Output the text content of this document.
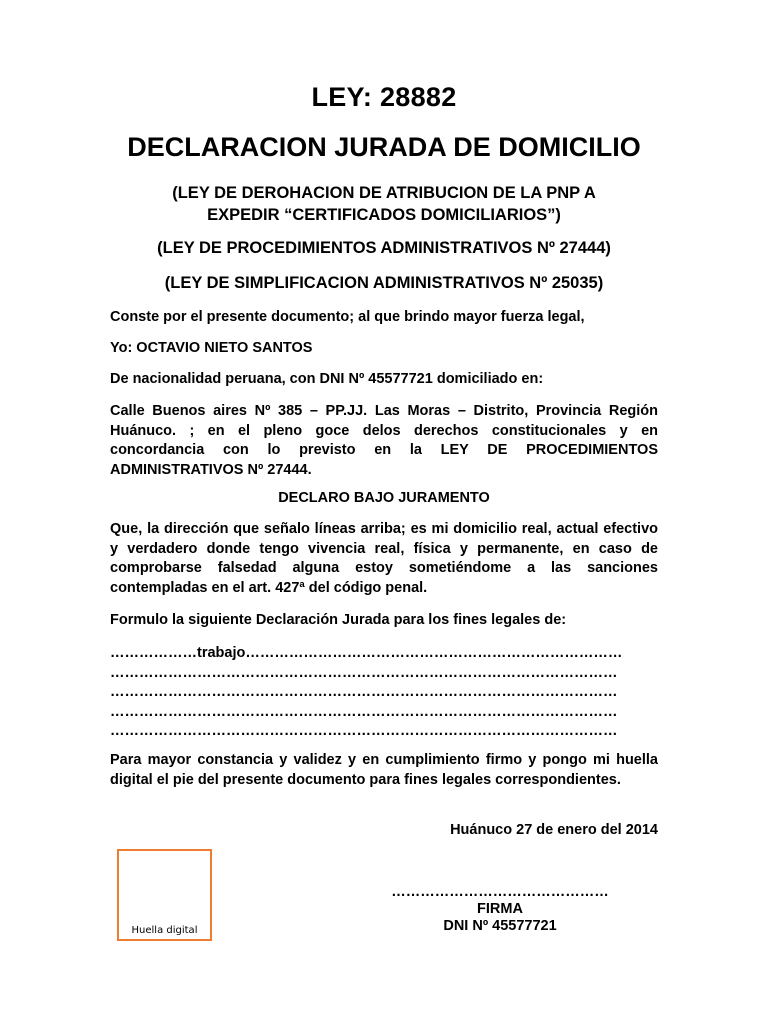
LEY: 28882
DECLARACION JURADA DE DOMICILIO
(LEY DE DEROHACION DE ATRIBUCION DE LA PNP A
EXPEDIR “CERTIFICADOS DOMICILIARIOS”)
(LEY DE PROCEDIMIENTOS ADMINISTRATIVOS Nº 27444)
(LEY DE SIMPLIFICACION ADMINISTRATIVOS Nº 25035)
Conste por el presente documento; al que brindo mayor fuerza legal,
Yo: OCTAVIO NIETO SANTOS
De nacionalidad peruana, con DNI Nº 45577721 domiciliado en:
Calle Buenos aires Nº 385 – PP.JJ. Las Moras – Distrito, Provincia Región Huánuco. ; en el pleno goce delos derechos constitucionales y en concordancia con lo previsto en la LEY DE PROCEDIMIENTOS ADMINISTRATIVOS Nº 27444.
DECLARO BAJO JURAMENTO
Que, la dirección que señalo líneas arriba; es mi domicilio real, actual efectivo y verdadero donde tengo vivencia real, física y permanente, en caso de comprobarse falsedad alguna estoy sometiéndome a las sanciones contempladas en el art. 427ª del código penal.
Formulo la siguiente Declaración Jurada para los fines legales de:
………………trabajo……………………………………………………………………
……………………………………………………………………………………………
……………………………………………………………………………………………
……………………………………………………………………………………………
……………………………………………………………………………………………
Para mayor constancia y validez y en cumplimiento firmo y pongo mi huella digital el pie del presente documento para fines legales correspondientes.
Huánuco 27 de enero del 2014
Huella digital
………………………………………
FIRMA
DNI Nº 45577721
